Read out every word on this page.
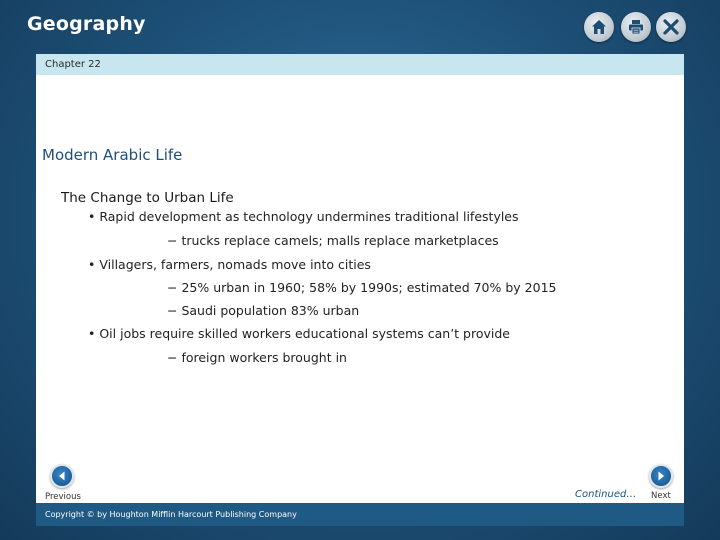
Geography
Chapter 22
Modern Arabic Life
The Change to Urban Life
• Rapid development as technology undermines traditional lifestyles
− trucks replace camels; malls replace marketplaces
• Villagers, farmers, nomads move into cities
− 25% urban in 1960; 58% by 1990s; estimated 70% by 2015
− Saudi population 83% urban
• Oil jobs require skilled workers educational systems can’t provide
− foreign workers brought in
Previous	Continued… Next
Copyright © by Houghton Mifflin Harcourt Publishing Company
